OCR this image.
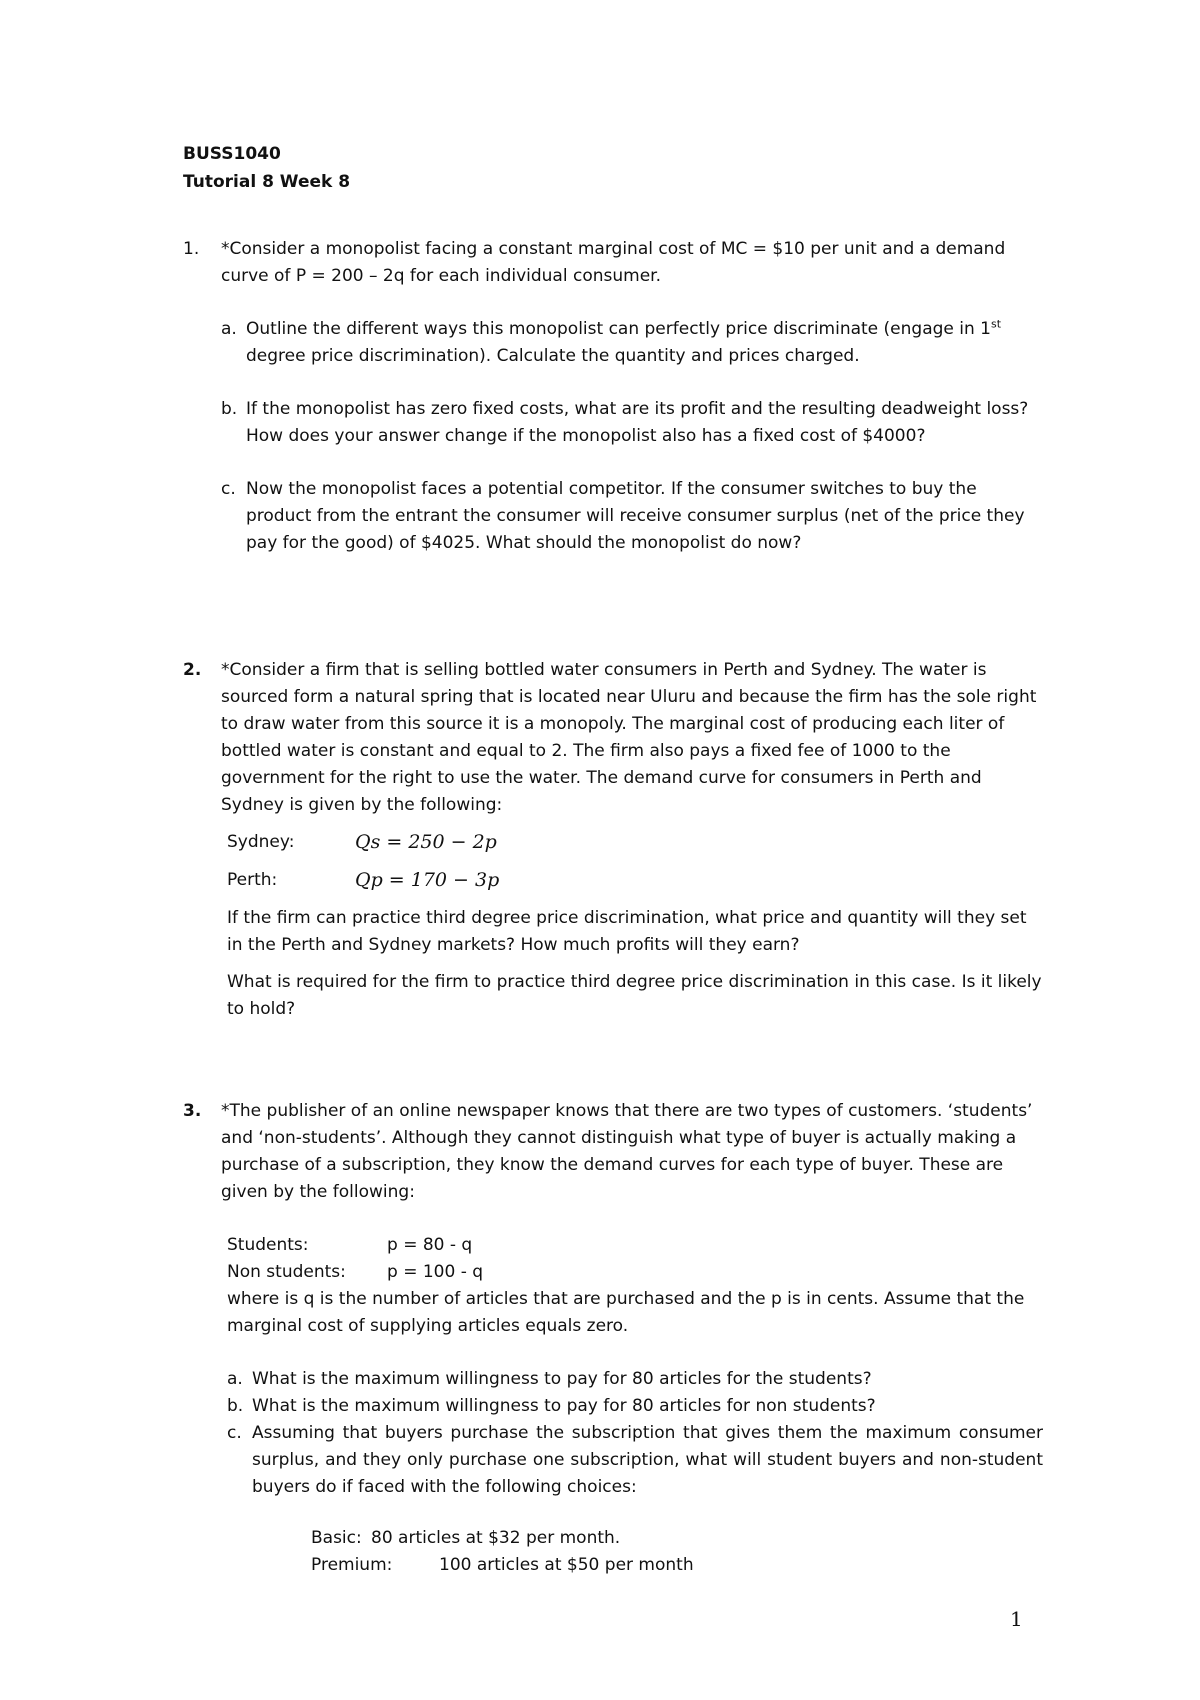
BUSS1040
Tutorial 8 Week 8
1.	*Consider a monopolist facing a constant marginal cost of MC = $10 per unit and a demand curve of P = 200 – 2q for each individual consumer.

a. Outline the different ways this monopolist can perfectly price discriminate (engage in 1st degree price discrimination). Calculate the quantity and prices charged.
b. If the monopolist has zero fixed costs, what are its profit and the resulting deadweight loss? How does your answer change if the monopolist also has a fixed cost of $4000?
c. Now the monopolist faces a potential competitor. If the consumer switches to buy the product from the entrant the consumer will receive consumer surplus (net of the price they pay for the good) of $4025. What should the monopolist do now?
2.	*Consider a firm that is selling bottled water consumers in Perth and Sydney. The water is sourced form a natural spring that is located near Uluru and because the firm has the sole right to draw water from this source it is a monopoly. The marginal cost of producing each liter of bottled water is constant and equal to 2. The firm also pays a fixed fee of 1000 to the government for the right to use the water. The demand curve for consumers in Perth and Sydney is given by the following:

Sydney:	Qs = 250 − 2p
Perth:	Qp = 170 − 3p

If the firm can practice third degree price discrimination, what price and quantity will they set in the Perth and Sydney markets? How much profits will they earn?

What is required for the firm to practice third degree price discrimination in this case. Is it likely to hold?

3.	*The publisher of an online newspaper knows that there are two types of customers. ‘students’ and ‘non-students’. Although they cannot distinguish what type of buyer is actually making a purchase of a subscription, they know the demand curves for each type of buyer. These are given by the following:

Students:	p = 80 - q
Non students:	p = 100 - q
where is q is the number of articles that are purchased and the p is in cents. Assume that the marginal cost of supplying articles equals zero.
a. What is the maximum willingness to pay for 80 articles for the students?
b. What is the maximum willingness to pay for 80 articles for non students?
c. Assuming that buyers purchase the subscription that gives them the maximum consumer surplus, and they only purchase one subscription, what will student buyers and non-student buyers do if faced with the following choices:
Basic: 80 articles at $32 per month.
Premium:	100 articles at $50 per month
1
